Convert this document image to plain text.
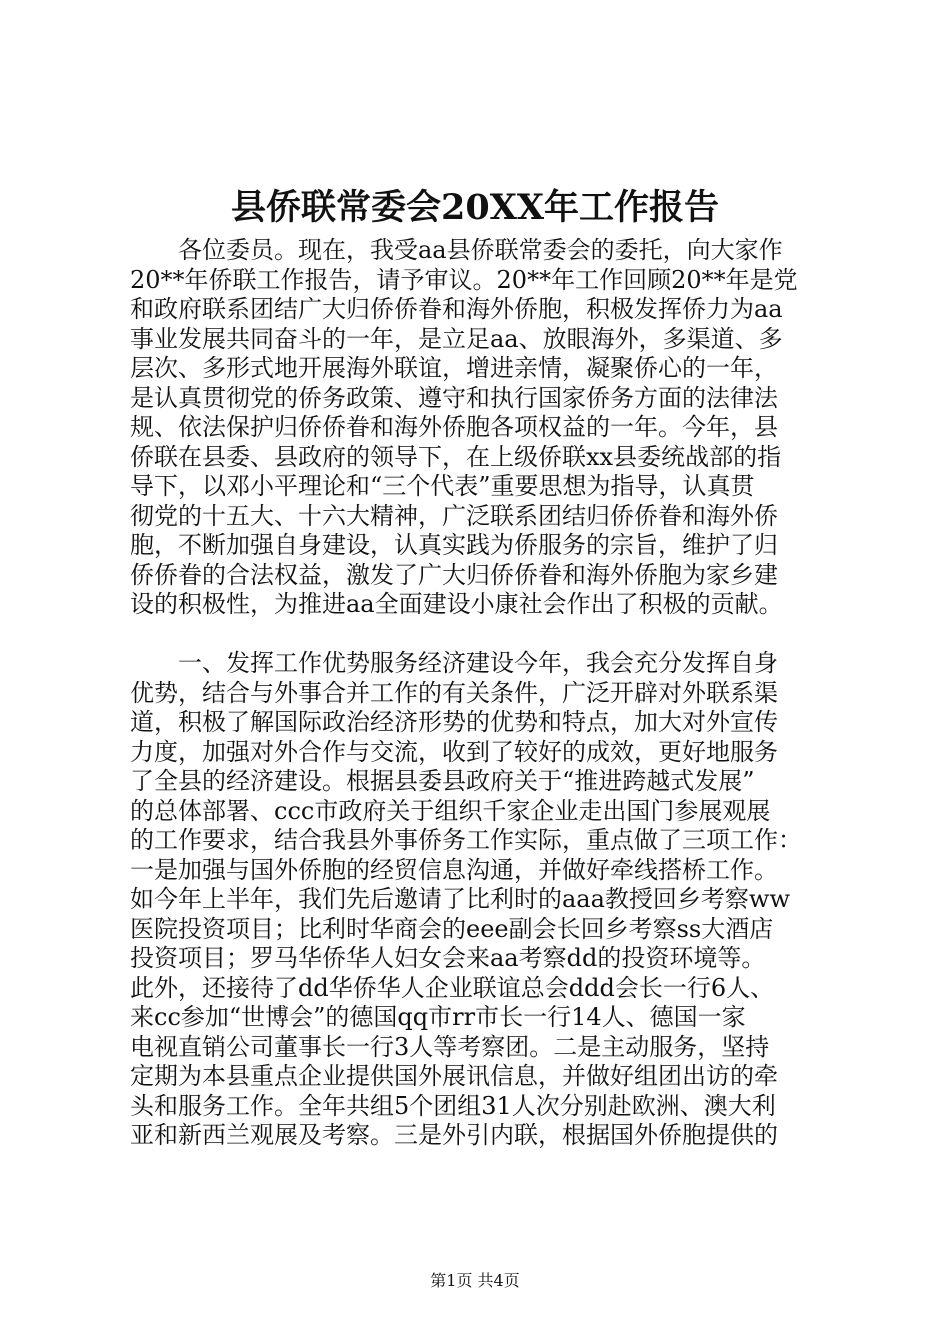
县侨联常委会20XX年工作报告
　　各位委员。现在，我受aa县侨联常委会的委托，向大家作
20**年侨联工作报告，请予审议。20**年工作回顾20**年是党
和政府联系团结广大归侨侨眷和海外侨胞，积极发挥侨力为aa
事业发展共同奋斗的一年，是立足aa、放眼海外，多渠道、多
层次、多形式地开展海外联谊，增进亲情，凝聚侨心的一年，
是认真贯彻党的侨务政策、遵守和执行国家侨务方面的法律法
规、依法保护归侨侨眷和海外侨胞各项权益的一年。今年，县
侨联在县委、县政府的领导下，在上级侨联xx县委统战部的指
导下，以邓小平理论和“三个代表”重要思想为指导，认真贯
彻党的十五大、十六大精神，广泛联系团结归侨侨眷和海外侨
胞，不断加强自身建设，认真实践为侨服务的宗旨，维护了归
侨侨眷的合法权益，激发了广大归侨侨眷和海外侨胞为家乡建
设的积极性，为推进aa全面建设小康社会作出了积极的贡献。
　　一、发挥工作优势服务经济建设今年，我会充分发挥自身
优势，结合与外事合并工作的有关条件，广泛开辟对外联系渠
道，积极了解国际政治经济形势的优势和特点，加大对外宣传
力度，加强对外合作与交流，收到了较好的成效，更好地服务
了全县的经济建设。根据县委县政府关于“推进跨越式发展”
的总体部署、ccc市政府关于组织千家企业走出国门参展观展
的工作要求，结合我县外事侨务工作实际，重点做了三项工作：
一是加强与国外侨胞的经贸信息沟通，并做好牵线搭桥工作。
如今年上半年，我们先后邀请了比利时的aaa教授回乡考察ww
医院投资项目；比利时华商会的eee副会长回乡考察ss大酒店
投资项目；罗马华侨华人妇女会来aa考察dd的投资环境等。
此外，还接待了dd华侨华人企业联谊总会ddd会长一行6人、
来cc参加“世博会”的德国qq市rr市长一行14人、德国一家
电视直销公司董事长一行3人等考察团。二是主动服务，坚持
定期为本县重点企业提供国外展讯信息，并做好组团出访的牵
头和服务工作。全年共组5个团组31人次分别赴欧洲、澳大利
亚和新西兰观展及考察。三是外引内联，根据国外侨胞提供的
第1页 共4页
